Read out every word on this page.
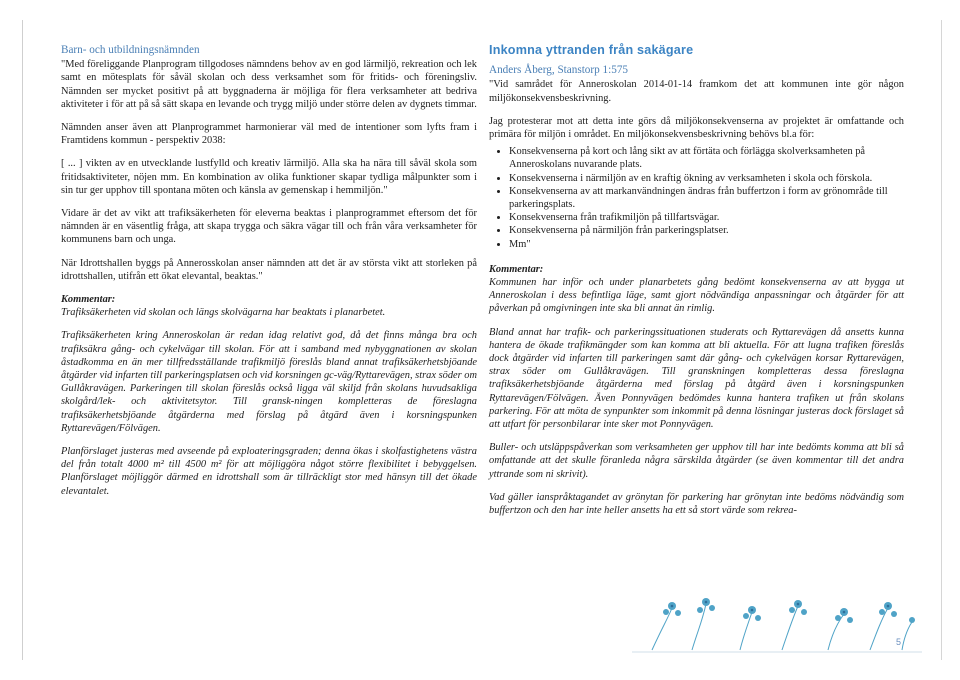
Barn- och utbildningsnämnden

"Med föreliggande Planprogram tillgodoses nämndens behov av en god lärmiljö, rekreation och lek samt en mötesplats för såväl skolan och dess verksamhet som för fritids- och föreningsliv. Nämnden ser mycket positivt på att byggnaderna är möjliga för flera verksamheter att bedriva aktiviteter i för att på så sätt skapa en levande och trygg miljö under större delen av dygnets timmar.

Nämnden anser även att Planprogrammet harmonierar väl med de intentioner som lyfts fram i Framtidens kommun - perspektiv 2038:

[ ... ] vikten av en utvecklande lustfylld och kreativ lärmiljö. Alla ska ha nära till såväl skola som fritidsaktiviteter, nöjen mm. En kombination av olika funktioner skapar tydliga målpunkter som i sin tur ger upphov till spontana möten och känsla av gemenskap i hemmiljön."

Vidare är det av vikt att trafiksäkerheten för eleverna beaktas i planprogrammet eftersom det för nämnden är en väsentlig fråga, att skapa trygga och säkra vägar till och från våra verksamheter för kommunens barn och unga.

När Idrottshallen byggs på Annerosskolan anser nämnden att det är av största vikt att storleken på idrottshallen, utifrån ett ökat elevantal, beaktas."

Kommentar:

Trafiksäkerheten vid skolan och längs skolvägarna har beaktats i planarbetet.

Trafiksäkerheten kring Anneroskolan är redan idag relativt god, då det finns många bra och trafiksäkra gång- och cykelvägar till skolan. För att i samband med nybyggnationen av skolan åstadkomma en än mer tillfredsställande trafikmiljö föreslås bland annat trafiksäkerhetsbjöande åtgärder vid infarten till parkeringsplatsen och vid korsningen gc-väg/Ryttarevägen, strax söder om Gullåkravägen. Parkeringen till skolan föreslås också ligga väl skiljd från skolans huvudsakliga skolgård/lek- och aktivitetsytor. Till gransk-ningen kompletteras de föreslagna trafiksäkerhetsbjöande åtgärderna med förslag på åtgärd även i korsningspunken Ryttarevägen/Fölvägen.

Planförslaget justeras med avseende på exploateringsgraden; denna ökas i skolfastighetens västra del från totalt 4000 m² till 4500 m² för att möjliggöra något större flexibilitet i bebyggelsen. Planförslaget möjliggör därmed en idrottshall som är tillräckligt stor med hänsyn till det ökade elevantalet.

Inkomna yttranden från sakägare
Anders Åberg, Stanstorp 1:575

"Vid samrådet för Anneroskolan 2014-01-14 framkom det att kommunen inte gör någon miljökonsekvensbeskrivning.

Jag protesterar mot att detta inte görs då miljökonsekvenserna av projektet är omfattande och primära för miljön i området. En miljökonsekvensbeskrivning behövs bl.a för:

• Konsekvenserna på kort och lång sikt av att förtäta och förlägga skolverksamheten på Anneroskolans nuvarande plats.
• Konsekvenserna i närmiljön av en kraftig ökning av verksamheten i skola och förskola.
• Konsekvenserna av att markanvändningen ändras från buffertzon i form av grönområde till parkeringsplats.
• Konsekvenserna från trafikmiljön på tillfartsvägar.
• Konsekvenserna på närmiljön från parkeringsplatser.
• Mm"

Kommentar:

Kommunen har inför och under planarbetets gång bedömt konsekvenserna av att bygga ut Anneroskolan i dess befintliga läge, samt gjort nödvändiga anpassningar och åtgärder för att påverkan på omgivningen inte ska bli annat än rimlig.

Bland annat har trafik- och parkeringssituationen studerats och Ryttarevägen då ansetts kunna hantera de ökade trafikmängder som kan komma att bli aktuella. För att lugna trafiken föreslås dock åtgärder vid infarten till parkeringen samt där gång- och cykelvägen korsar Ryttarevägen, strax söder om Gullåkravägen. Till granskningen kompletteras dessa föreslagna trafiksäkerhetsbjöande åtgärderna med förslag på åtgärd även i korsningspunken Ryttarevägen/Fölvägen. Även Ponnyvägen bedömdes kunna hantera trafiken ut från skolans parkering. För att möta de synpunkter som inkommit på denna lösningar justeras dock förslaget så att utfart för personbilarar inte sker mot Ponnyvägen.

Buller- och utsläppspåverkan som verksamheten ger upphov till har inte bedömts komma att bli så omfattande att det skulle föranleda några särskilda åtgärder (se även kommentar till det andra yttrande som ni skrivit).

Vad gäller ianspråktagandet av grönytan för parkering har grönytan inte bedöms nödvändig som buffertzon och den har inte heller ansetts ha ett så stort värde som rekrea-

5
